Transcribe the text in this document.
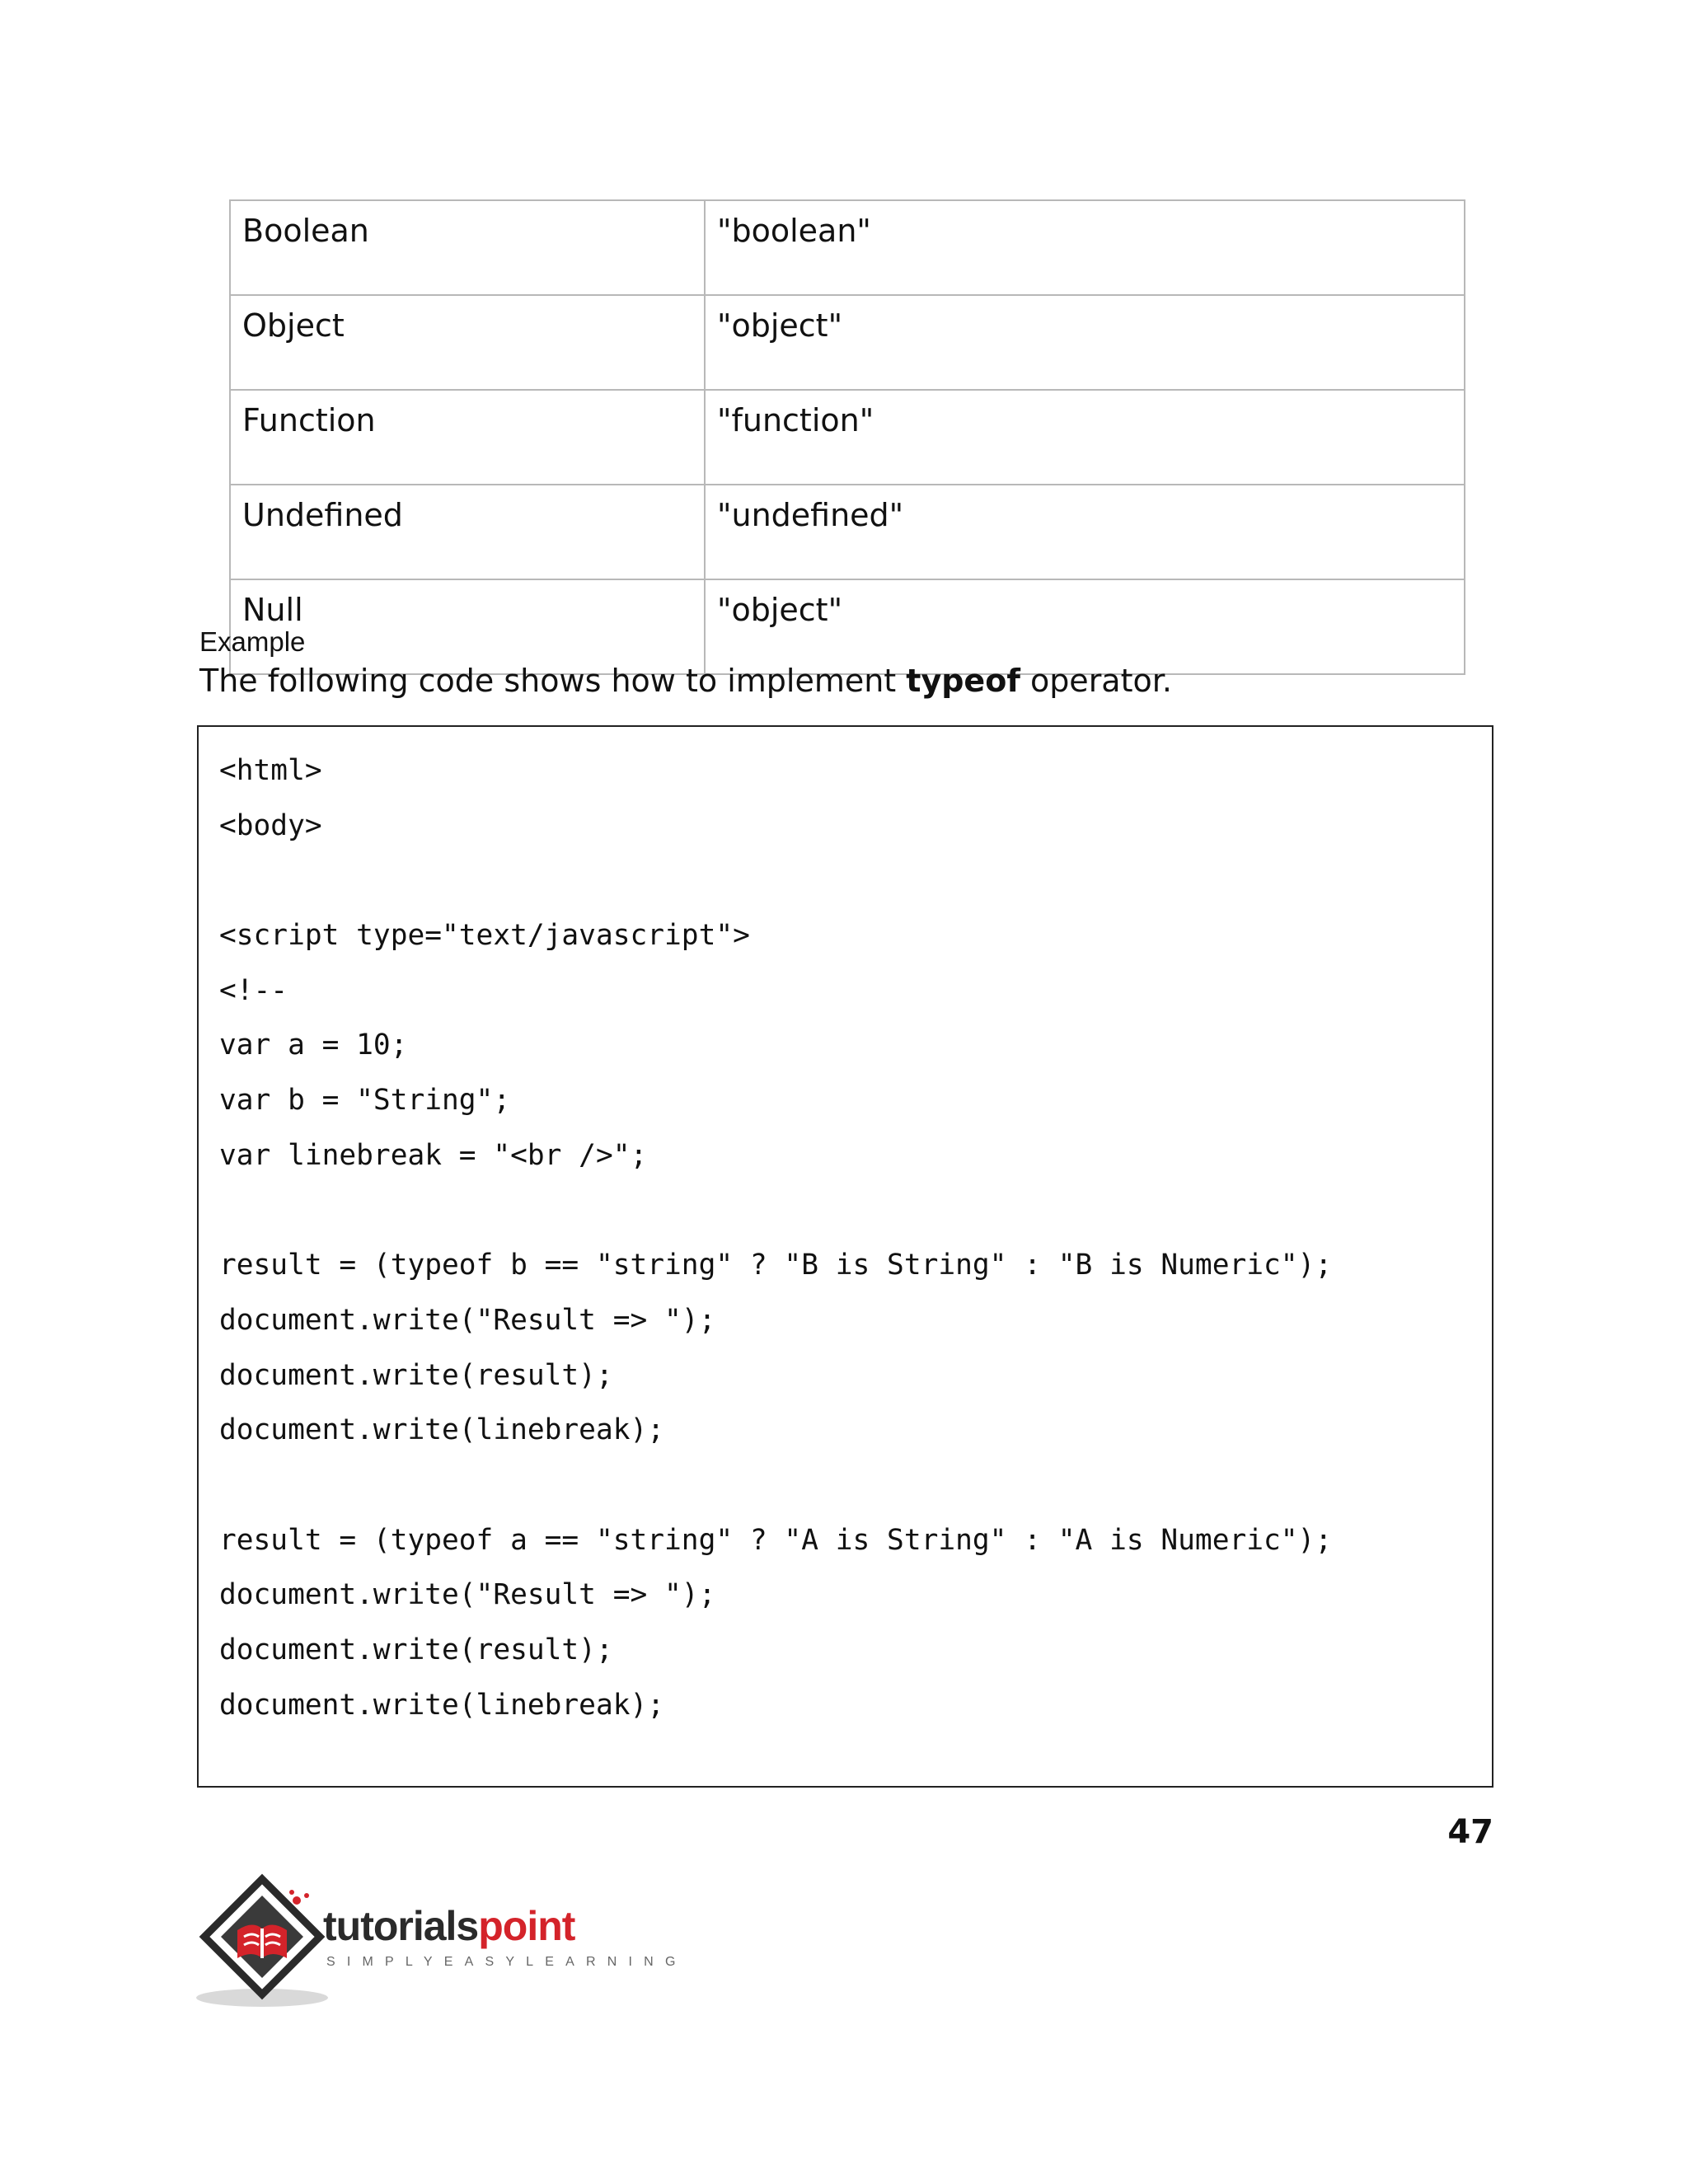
Boolean	"boolean"
Object	"object"
Function	"function"
Undefined	"undefined"
Null	"object"
Example
The following code shows how to implement typeof operator.
<html>
<body>
<script type="text/javascript">
<!--
var a = 10;
var b = "String";
var linebreak = "<br />";
result = (typeof b == "string" ? "B is String" : "B is Numeric");
document.write("Result => ");
document.write(result);
document.write(linebreak);
result = (typeof a == "string" ? "A is String" : "A is Numeric");
document.write("Result => ");
document.write(result);
document.write(linebreak);
47
tutorialspoint
SIMPLYEASYLEARNING
